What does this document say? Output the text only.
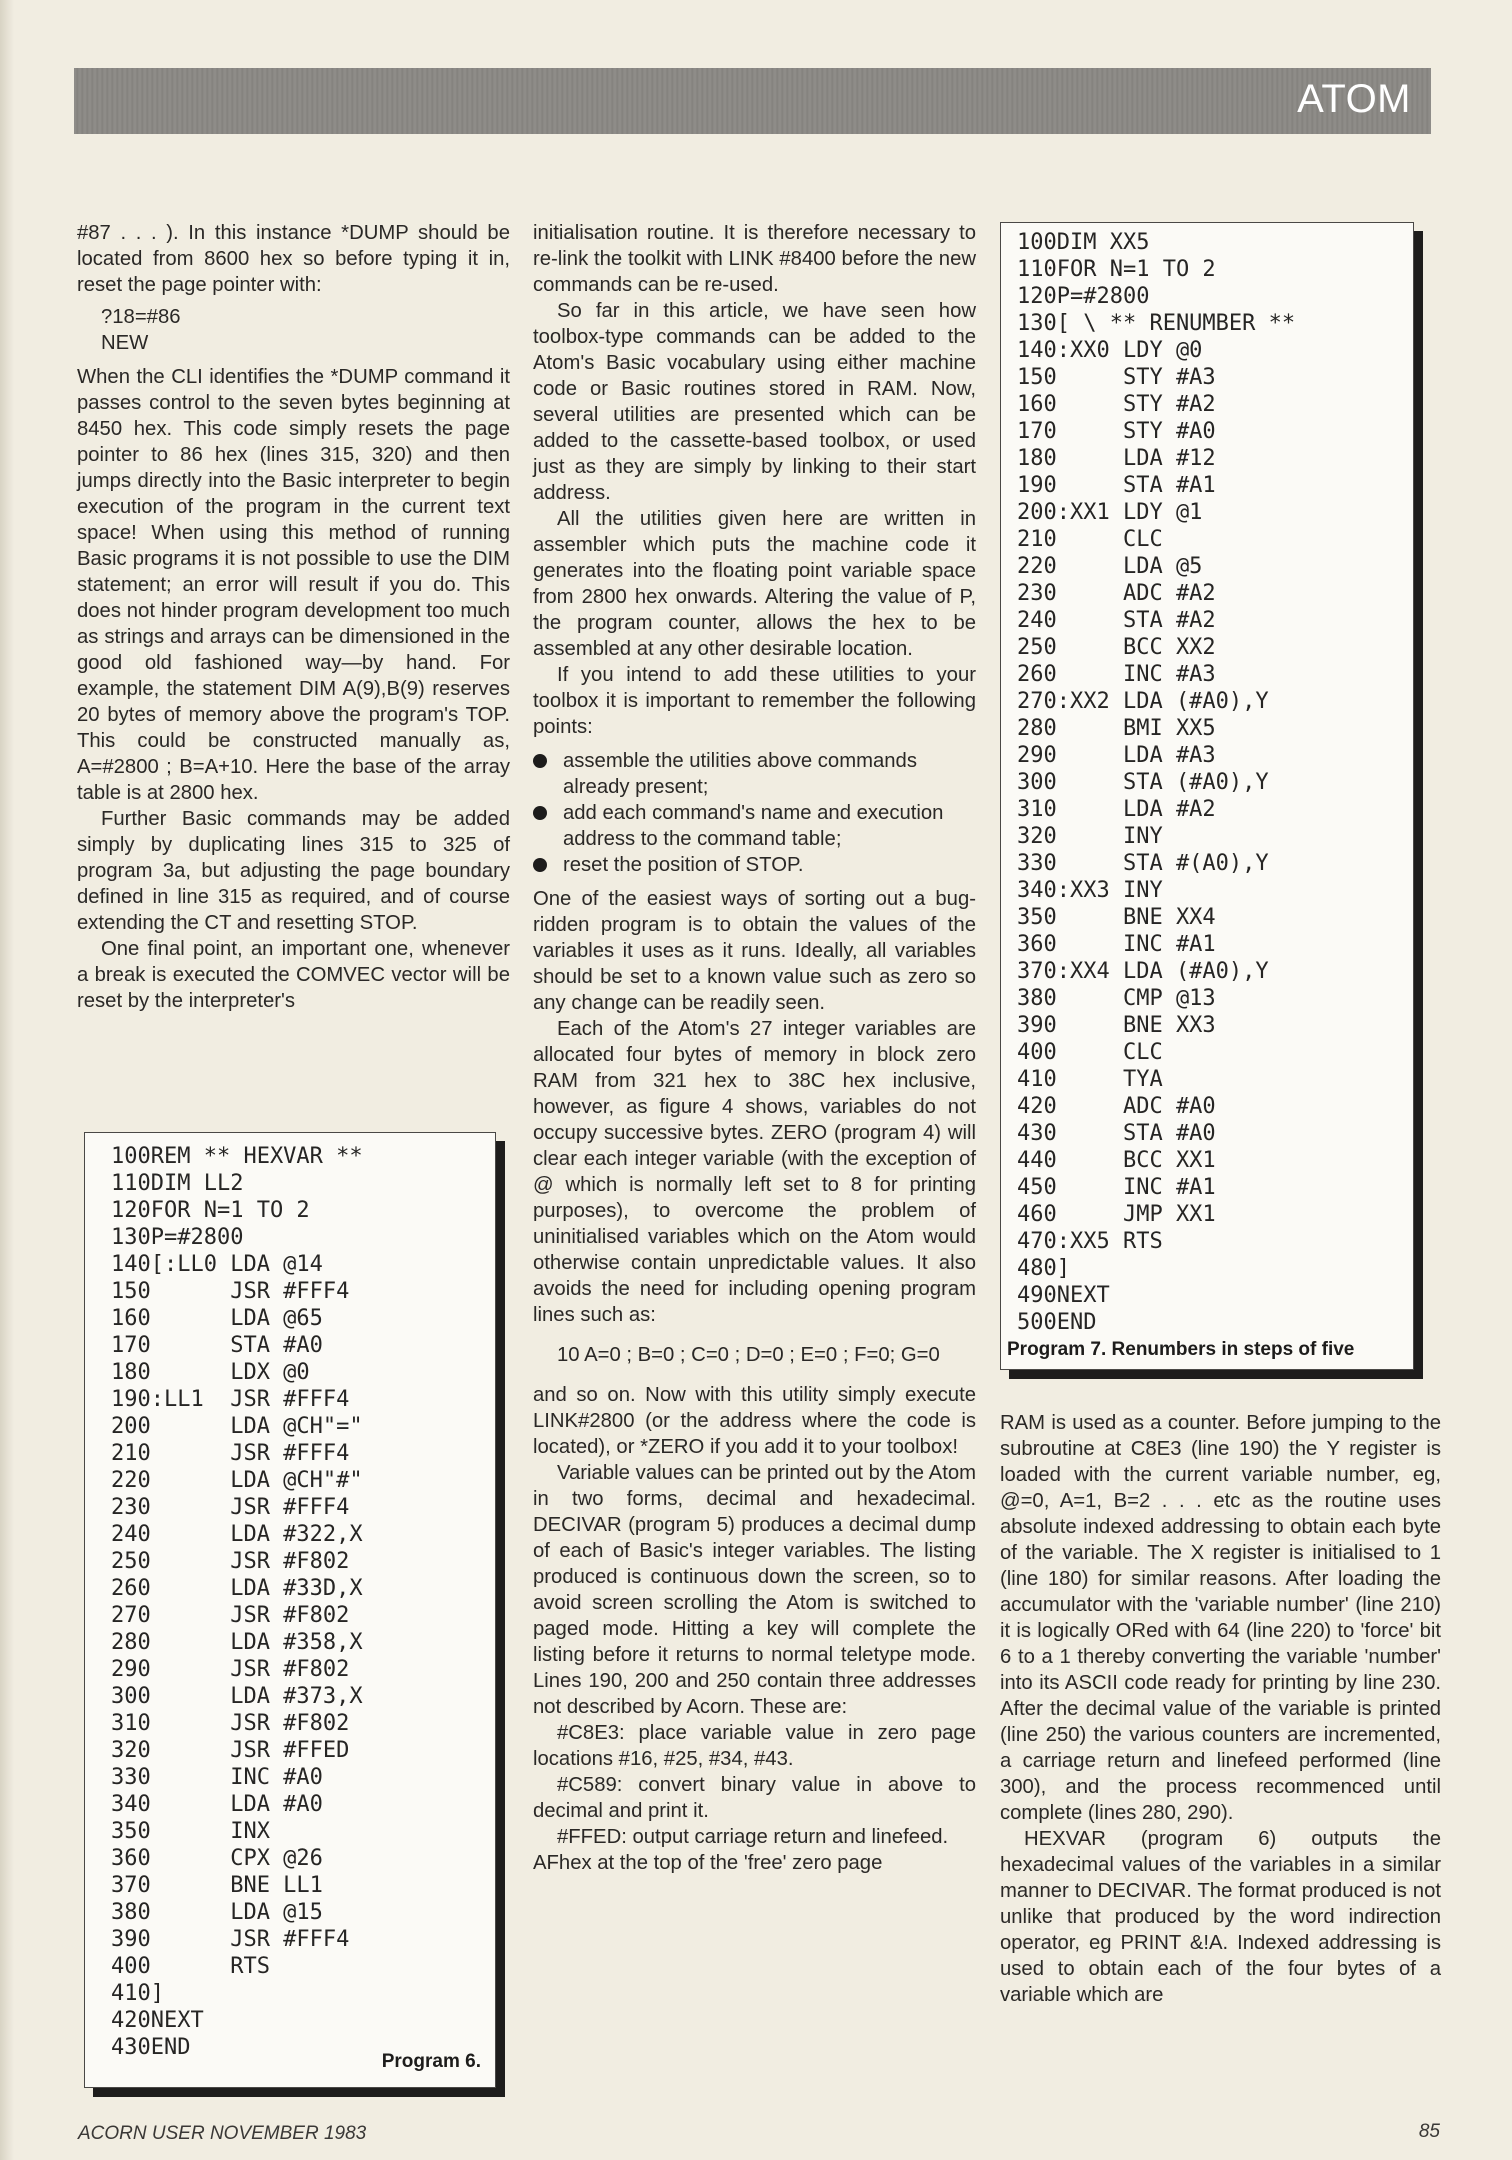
ATOM

#87 . . . ). In this instance *DUMP should be located from 8600 hex so before typing it in, reset the page pointer with:

?18=#86

NEW

When the CLI identifies the *DUMP command it passes control to the seven bytes beginning at 8450 hex. This code simply resets the page pointer to 86 hex (lines 315, 320) and then jumps directly into the Basic interpreter to begin execution of the program in the current text space! When using this method of running Basic programs it is not possible to use the DIM statement; an error will result if you do. This does not hinder program development too much as strings and arrays can be dimensioned in the good old fashioned way—by hand. For example, the statement DIM A(9),B(9) reserves 20 bytes of memory above the program's TOP. This could be constructed manually as, A=#2800 ; B=A+10. Here the base of the array table is at 2800 hex.

Further Basic commands may be added simply by duplicating lines 315 to 325 of program 3a, but adjusting the page boundary defined in line 315 as required, and of course extending the CT and resetting STOP.

One final point, an important one, whenever a break is executed the COMVEC vector will be reset by the interpreter's

initialisation routine. It is therefore necessary to re-link the toolkit with LINK #8400 before the new commands can be re-used.

So far in this article, we have seen how toolbox-type commands can be added to the Atom's Basic vocabulary using either machine code or Basic routines stored in RAM. Now, several utilities are presented which can be added to the cassette-based toolbox, or used just as they are simply by linking to their start address.

All the utilities given here are written in assembler which puts the machine code it generates into the floating point variable space from 2800 hex onwards. Altering the value of P, the program counter, allows the hex to be assembled at any other desirable location.

If you intend to add these utilities to your toolbox it is important to remember the following points:

assemble the utilities above commands already present;
add each command's name and execution address to the command table;
reset the position of STOP.

One of the easiest ways of sorting out a bug-ridden program is to obtain the values of the variables it uses as it runs. Ideally, all variables should be set to a known value such as zero so any change can be readily seen.

Each of the Atom's 27 integer variables are allocated four bytes of memory in block zero RAM from 321 hex to 38C hex inclusive, however, as figure 4 shows, variables do not occupy successive bytes. ZERO (program 4) will clear each integer variable (with the exception of @ which is normally left set to 8 for printing purposes), to overcome the problem of uninitialised variables which on the Atom would otherwise contain unpredictable values. It also avoids the need for including opening program lines such as:

10 A=0 ; B=0 ; C=0 ; D=0 ; E=0 ; F=0; G=0

and so on. Now with this utility simply execute LINK#2800 (or the address where the code is located), or *ZERO if you add it to your toolbox!

Variable values can be printed out by the Atom in two forms, decimal and hexadecimal. DECIVAR (program 5) produces a decimal dump of each of Basic's integer variables. The listing produced is continuous down the screen, so to avoid screen scrolling the Atom is switched to paged mode. Hitting a key will complete the listing before it returns to normal teletype mode. Lines 190, 200 and 250 contain three addresses not described by Acorn. These are:

#C8E3: place variable value in zero page locations #16, #25, #34, #43.

#C589: convert binary value in above to decimal and print it.

#FFED: output carriage return and linefeed.

AFhex at the top of the 'free' zero page

RAM is used as a counter. Before jumping to the subroutine at C8E3 (line 190) the Y register is loaded with the current variable number, eg, @=0, A=1, B=2 . . . etc as the routine uses absolute indexed addressing to obtain each byte of the variable. The X register is initialised to 1 (line 180) for similar reasons. After loading the accumulator with the 'variable number' (line 210) it is logically ORed with 64 (line 220) to 'force' bit 6 to a 1 thereby converting the variable 'number' into its ASCII code ready for printing by line 230. After the decimal value of the variable is printed (line 250) the various counters are incremented, a carriage return and linefeed performed (line 300), and the process recommenced until complete (lines 280, 290).

HEXVAR (program 6) outputs the hexadecimal values of the variables in a similar manner to DECIVAR. The format produced is not unlike that produced by the word indirection operator, eg PRINT &!A. Indexed addressing is used to obtain each of the four bytes of a variable which are

100REM ** HEXVAR **
110DIM LL2
120FOR N=1 TO 2
130P=#2800
140[:LL0 LDA @14
150      JSR #FFF4
160      LDA @65
170      STA #A0
180      LDX @0
190:LL1  JSR #FFF4
200      LDA @CH"="
210      JSR #FFF4
220      LDA @CH"#"
230      JSR #FFF4
240      LDA #322,X
250      JSR #F802
260      LDA #33D,X
270      JSR #F802
280      LDA #358,X
290      JSR #F802
300      LDA #373,X
310      JSR #F802
320      JSR #FFED
330      INC #A0
340      LDA #A0
350      INX
360      CPX @26
370      BNE LL1
380      LDA @15
390      JSR #FFF4
400      RTS
410]
420NEXT
430END
Program 6.
100DIM XX5
110FOR N=1 TO 2
120P=#2800
130[ \ ** RENUMBER **
140:XX0 LDY @0
150     STY #A3
160     STY #A2
170     STY #A0
180     LDA #12
190     STA #A1
200:XX1 LDY @1
210     CLC
220     LDA @5
230     ADC #A2
240     STA #A2
250     BCC XX2
260     INC #A3
270:XX2 LDA (#A0),Y
280     BMI XX5
290     LDA #A3
300     STA (#A0),Y
310     LDA #A2
320     INY
330     STA #(A0),Y
340:XX3 INY
350     BNE XX4
360     INC #A1
370:XX4 LDA (#A0),Y
380     CMP @13
390     BNE XX3
400     CLC
410     TYA
420     ADC #A0
430     STA #A0
440     BCC XX1
450     INC #A1
460     JMP XX1
470:XX5 RTS
480]
490NEXT
500END
Program 7. Renumbers in steps of five
ACORN USER NOVEMBER 1983	85
